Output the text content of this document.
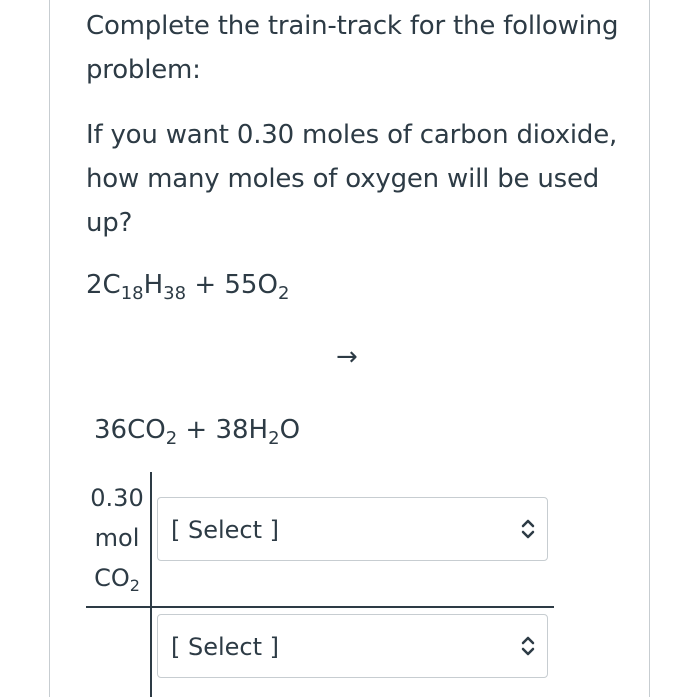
Complete the train-track for the following problem:
If you want 0.30 moles of carbon dioxide, how many moles of oxygen will be used up?
$2C_{18}H_{38} + 55O_2$
→
$36CO_2 + 38H_2O$
0.30
mol
$CO_2$
[ Select ]
[ Select ]
